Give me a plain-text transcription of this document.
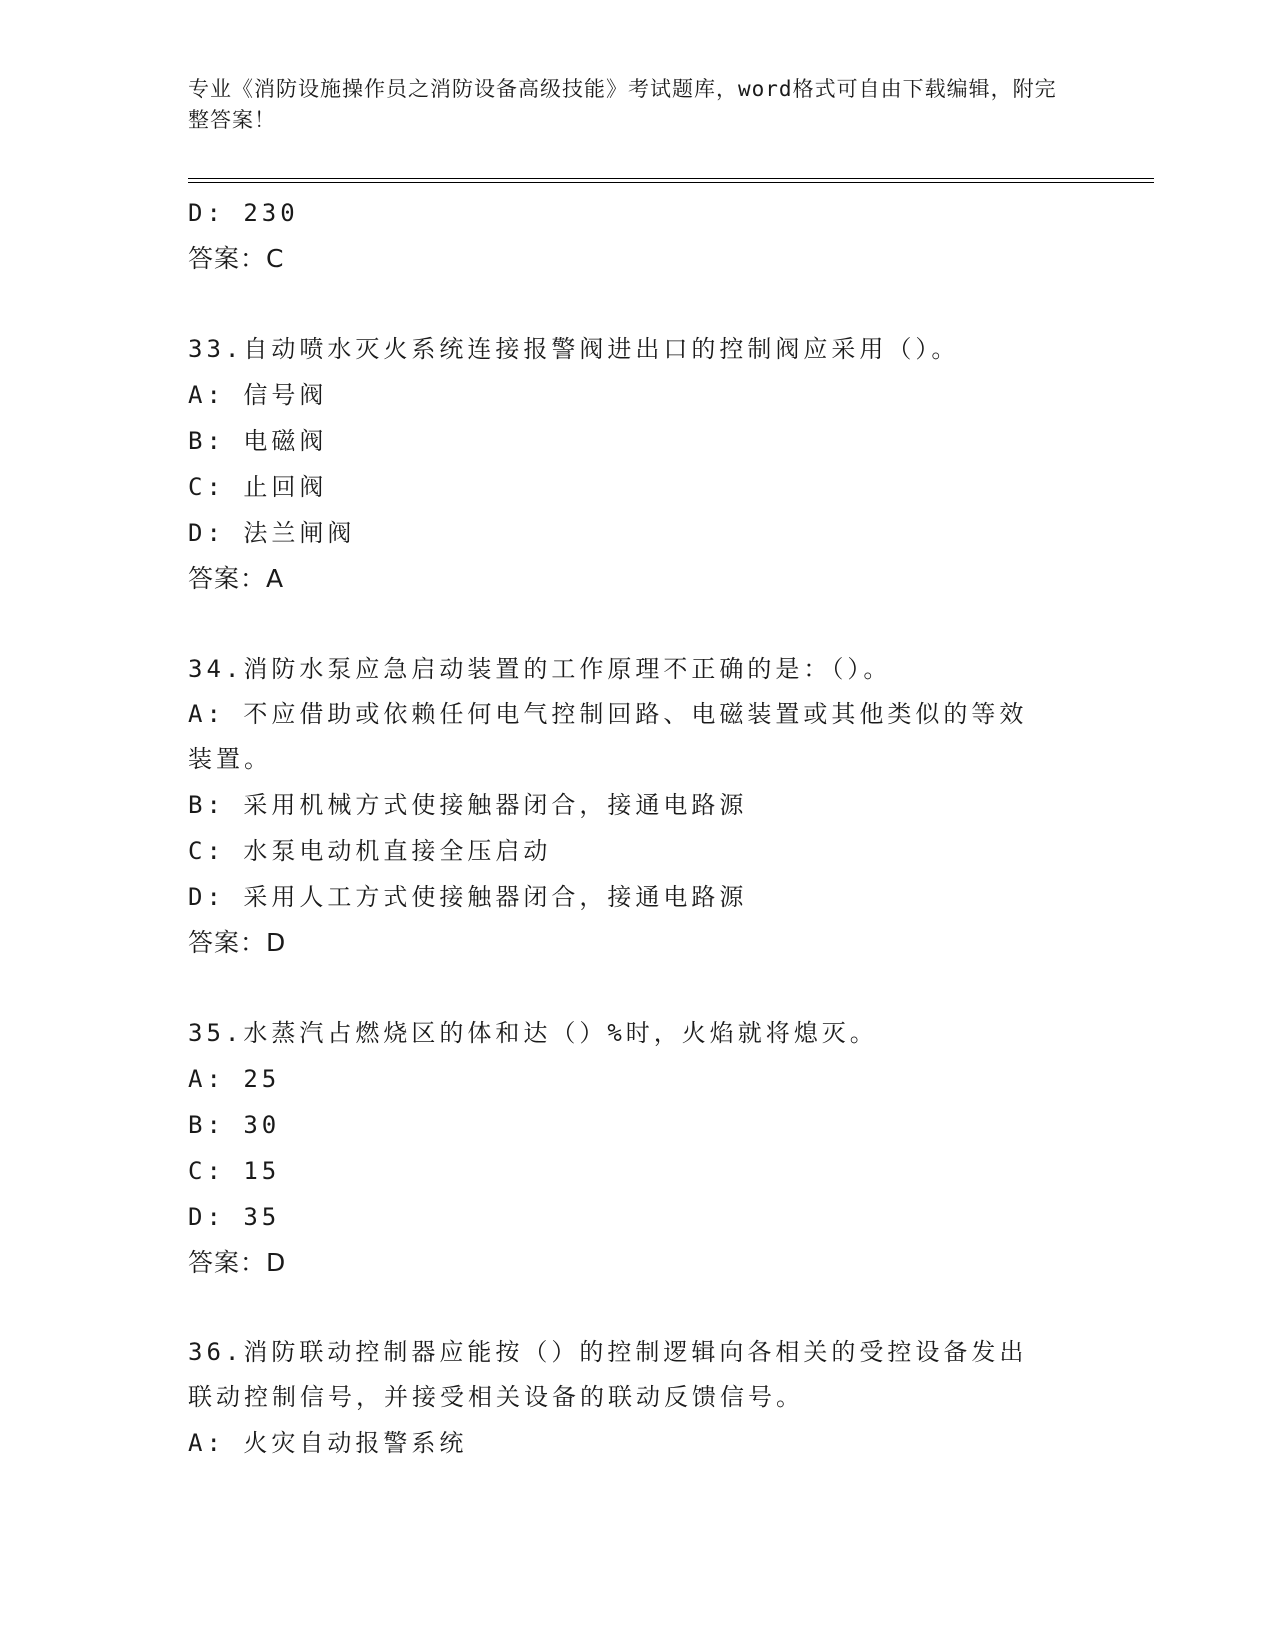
专业《消防设施操作员之消防设备高级技能》考试题库，word格式可自由下载编辑，附完整答案！
D: 230
答案：C
33.自动喷水灭火系统连接报警阀进出口的控制阀应采用（）。
A: 信号阀
B: 电磁阀
C: 止回阀
D: 法兰闸阀
答案：A
34.消防水泵应急启动装置的工作原理不正确的是：（）。
A: 不应借助或依赖任何电气控制回路、电磁装置或其他类似的等效装置。
B: 采用机械方式使接触器闭合，接通电路源
C: 水泵电动机直接全压启动
D: 采用人工方式使接触器闭合，接通电路源
答案：D
35.水蒸汽占燃烧区的体和达（）%时，火焰就将熄灭。
A: 25
B: 30
C: 15
D: 35
答案：D
36.消防联动控制器应能按（）的控制逻辑向各相关的受控设备发出联动控制信号，并接受相关设备的联动反馈信号。
A: 火灾自动报警系统
